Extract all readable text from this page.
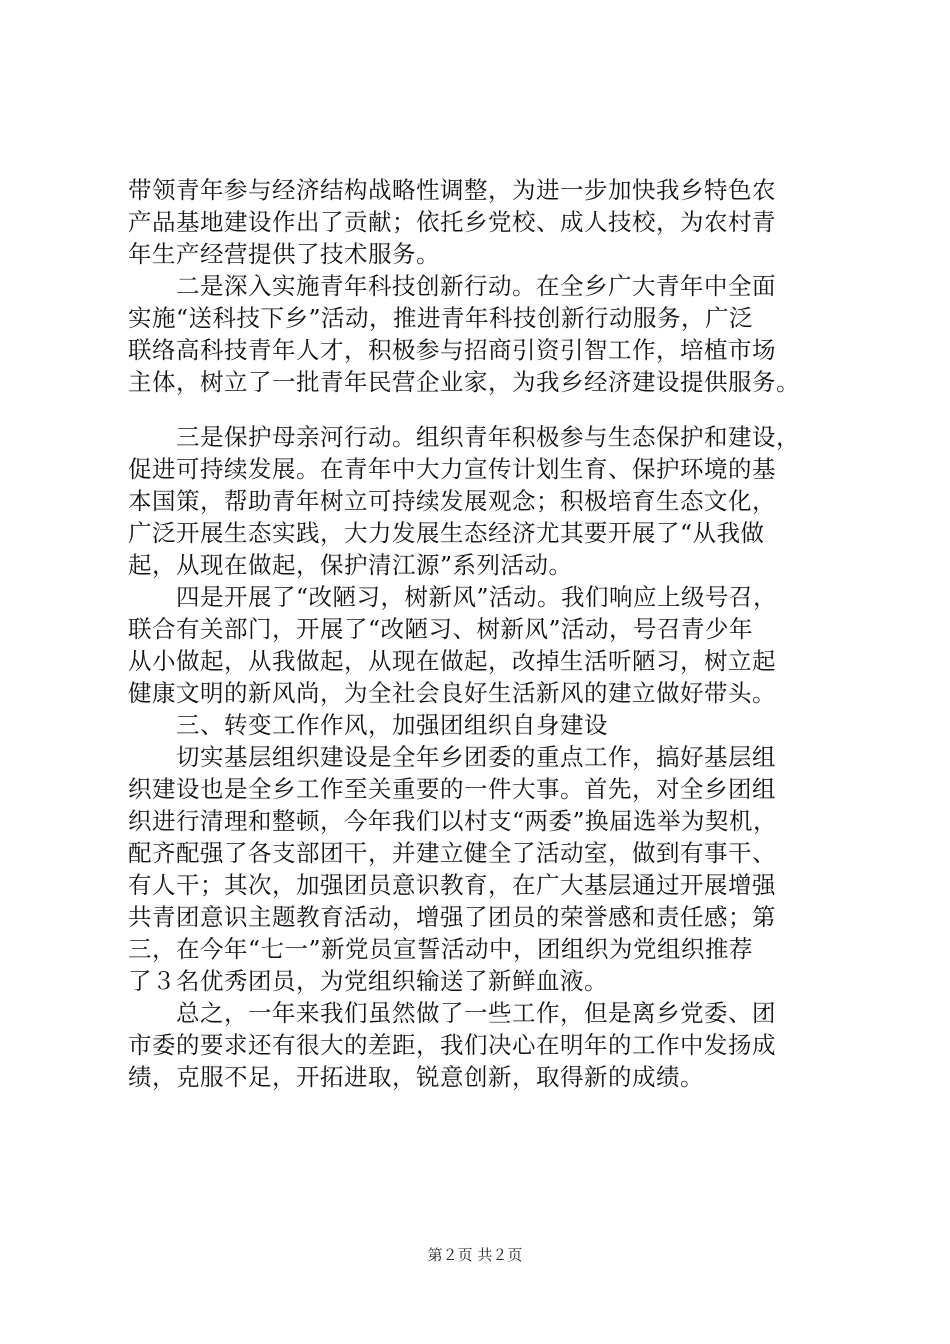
带领青年参与经济结构战略性调整，为进一步加快我乡特色农
产品基地建设作出了贡献；依托乡党校、成人技校，为农村青
年生产经营提供了技术服务。
二是深入实施青年科技创新行动。在全乡广大青年中全面
实施“送科技下乡”活动，推进青年科技创新行动服务，广泛
联络高科技青年人才，积极参与招商引资引智工作，培植市场
主体，树立了一批青年民营企业家，为我乡经济建设提供服务。
三是保护母亲河行动。组织青年积极参与生态保护和建设，
促进可持续发展。在青年中大力宣传计划生育、保护环境的基
本国策，帮助青年树立可持续发展观念；积极培育生态文化，
广泛开展生态实践，大力发展生态经济尤其要开展了“从我做
起，从现在做起，保护清江源”系列活动。
四是开展了“改陋习，树新风”活动。我们响应上级号召，
联合有关部门，开展了“改陋习、树新风”活动，号召青少年
从小做起，从我做起，从现在做起，改掉生活听陋习，树立起
健康文明的新风尚，为全社会良好生活新风的建立做好带头。
三、转变工作作风，加强团组织自身建设
切实基层组织建设是全年乡团委的重点工作，搞好基层组
织建设也是全乡工作至关重要的一件大事。首先，对全乡团组
织进行清理和整顿，今年我们以村支“两委”换届选举为契机，
配齐配强了各支部团干，并建立健全了活动室，做到有事干、
有人干；其次，加强团员意识教育，在广大基层通过开展增强
共青团意识主题教育活动，增强了团员的荣誉感和责任感；第
三，在今年“七一”新党员宣誓活动中，团组织为党组织推荐
了３名优秀团员，为党组织输送了新鲜血液。
总之，一年来我们虽然做了一些工作，但是离乡党委、团
市委的要求还有很大的差距，我们决心在明年的工作中发扬成
绩，克服不足，开拓进取，锐意创新，取得新的成绩。
第２页 共２页
